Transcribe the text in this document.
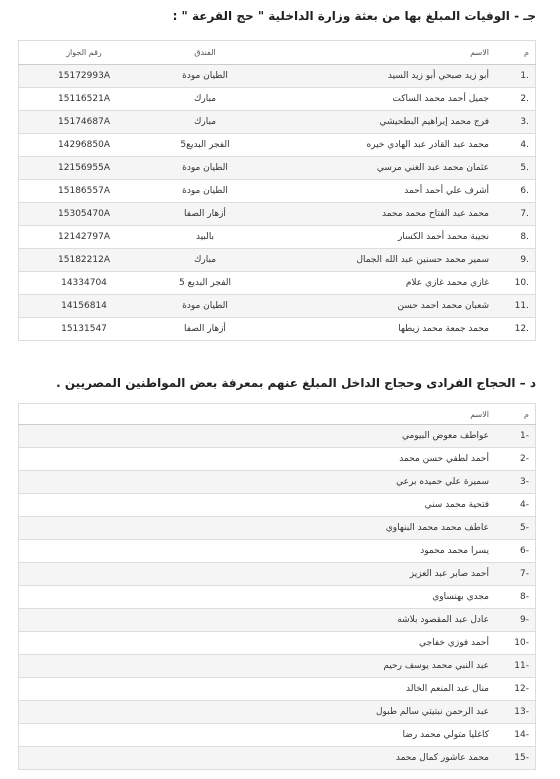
جـ - الوفيات المبلغ بها من بعثة وزارة الداخلية " حج القرعة " :
م	الاسم	الفندق	رقم الجواز
.1	أبو زيد صبحي أبو زيد السيد	الطيان مودة	15172993A
.2	جميل أحمد محمد الساكت	مبارك	15116521A
.3	فرج محمد إبراهيم البطحيشي	مبارك	15174687A
.4	محمد عبد القادر عبد الهادي خيره	الفجر البديع5	14296850A
.5	عثمان محمد عبد الغني مرسي	الطيان مودة	12156955A
.6	أشرف علي أحمد أحمد	الطيان مودة	15186557A
.7	محمد عبد الفتاح محمد محمد	أزهار الصفا	15305470A
.8	نجيبة محمد أحمد الكسار	بالبيد	12142797A
.9	سمير محمد حسنين عبد الله الجمال	مبارك	15182212A
.10	غازي محمد غازي علام	الفجر البديع 5	14334704
.11	شعبان محمد احمد حسن	الطيان مودة	14156814
.12	محمد جمعة محمد زيطها	أزهار الصفا	15131547
د – الحجاج الفرادى وحجاج الداخل المبلغ عنهم بمعرفة بعض المواطنين المصريين .
م	الاسم
-1	عواطف معوض البيومي
-2	أحمد لطفي حسن محمد
-3	سميرة علي حميده برعي
-4	فتحية محمد سني
-5	عاطف محمد محمد البنهاوي
-6	يسرا محمد محمود
-7	أحمد صابر عبد العزيز
-8	مجدي بهنساوي
-9	عادل عبد المقصود بلاشه
-10	أحمد فوزي خفاجي
-11	عبد النبي محمد يوسف رحيم
-12	منال عبد المنعم الخالد
-13	عبد الرحمن نبتيتي سالم طبول
-14	كاغليا متولي محمد رضا
-15	محمد عاشور كمال محمد
